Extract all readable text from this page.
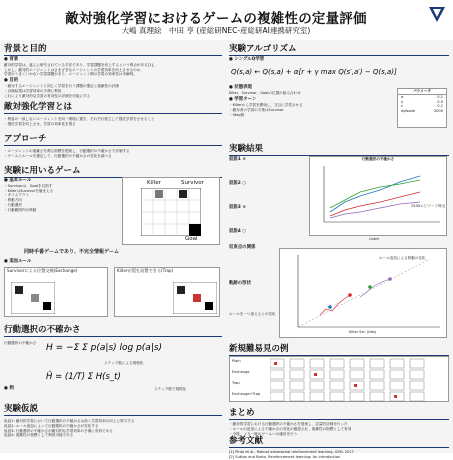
敵対強化学習におけるゲームの複雑性の定量評価
大嶋 真理絵　中田 亨 (産総研NEC-産総研AI連携研究室)
背景と目的
● 背景
敵対的学習は、盛んに研究されている手法であり、学習課題を向上するという利点がある[1]。
しかし、敵対的エージェントはさまざまなエージェントの学習効率を向上させるのか、
学習がうまくいかない学習課題があり、エージェント間の学習の効率性は未解明。
● 目的
・敵対するエージェントと同じく学習を行う課題の選定と複雑性の評価
・評価結果は学習効率の予測に利用
これにより敵対的な学習の有効性の評価を可能にする
敵対強化学習とは
・利害の一致しないエージェントを同一環境に置き、それぞれ独立して強化学習をさせること
・強化学習を向上させ、学習の効率化を図る
アプローチ
・エージェントの複雑さを測る指標を提案し、行動選択の不確かさで評価する
・ゲームとルールを選定して、行動選択の不確かさの変化を調べる
実験に用いるゲーム
● 基本ルール
・Survivorは、Goalを目指す
・KillerはSurvivorを捕まえる
・タイムアウト
・移動方向
・行動選択
・行動範囲内の移動
Killer	Survivor
Goal
同時手番ゲームであり、不完全情報ゲーム
● 追加ルール
Survivorによる位置交換(Exchange)	Killerが罠を設置できる(Trap)
行動選択の不確かさ
行動選択の不確かさ	H = −Σ Σ p(a|s) log p(a|s)
ステップ数による規格化
Ĥ = (1/T) Σ H(s_t)
● 例	ステップ数で規格化
実験仮説
仮説1: 敵対的学習において行動選択の不確かさは高く学習効率の向上に寄与する
仮説2: ルール追加によって行動選択の不確かさが変化する
仮説3: 行動選択の不確かさが敵対的な学習効率の予測に有効である
仮説4: 複雑性の指標として利用可能である
実験アルゴリズム
● シングルQ学習
Q(s,a) ← Q(s,a) + α[r + γ max Q(s′,a′) − Q(s,a)]
● 状態表現
Killer、Survivor、Goalの位置の組み合わせ
● 学習ターン
・Killerから学習を開始し、交互に学習させる
・敵対者の学習の方策はSurvivor
・Step数
パラメータ
α	0.1
γ	0.9
ε	0.1
episode	2000
実験結果
仮説1 ×
仮説2 ○
仮説3 ×
仮説4 ○
行動選択の不確かさ
Catch
2500エピソード時点
収束点の関係
軌跡の形状
ルール追加による移動の変化
Killer Sel. (bits)
ルールを一つ加えるとの変化
新規難易見の例
Plain
Exchange
Trap
Exchange+Trap
まとめ
・敵対的学習における行動選択の不確かさを提案し、定量的評価を行った
・ルールの追加による不確かさの変化が確認され、複雑性の指標として有効
・今後、より一般のゲームへの適用を行う
参考文献
[1] Pinto et al., Robust adversarial reinforcement learning, ICML 2017
[2] Sutton and Barto, Reinforcement learning: An introduction
